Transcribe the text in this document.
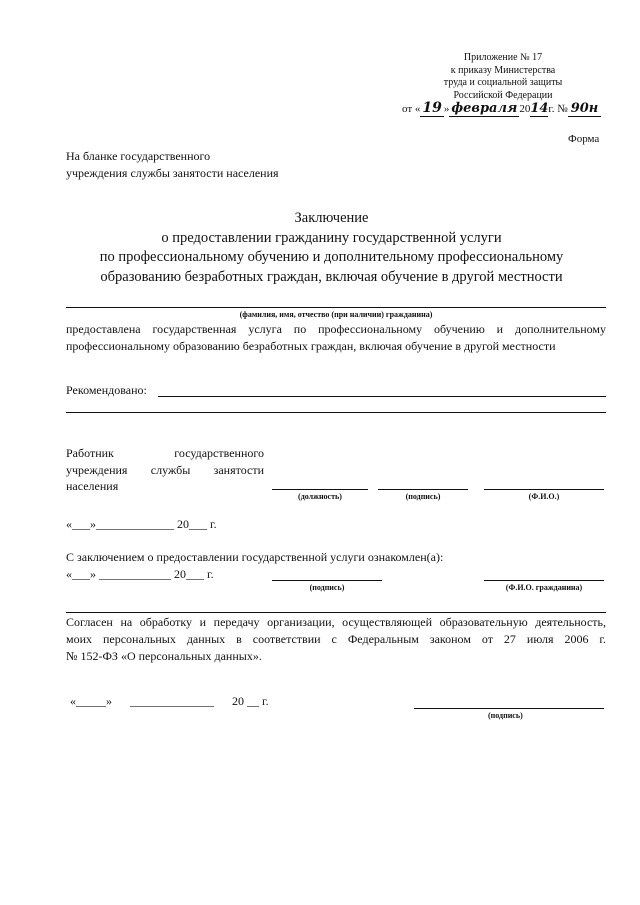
Приложение № 17
к приказу Министерства
труда и социальной защиты
Российской Федерации
от « 19 » февраля 2014г. № 90н
Форма
На бланке государственного
учреждения службы занятости населения
Заключение
о предоставлении гражданину государственной услуги
по профессиональному обучению и дополнительному профессиональному
образованию безработных граждан, включая обучение в другой местности
(фамилия, имя, отчество (при наличии) гражданина)
предоставлена государственная услуга по профессиональному обучению и дополнительному
профессиональному образованию безработных граждан, включая обучение в другой местности
Рекомендовано:
Работник государственного
учреждения службы занятости
населения
(должность)	(подпись)	(Ф.И.О.)
«___»_____________ 20___ г.
С заключением о предоставлении государственной услуги ознакомлен(а):
«___» ____________ 20___ г.
(подпись)	(Ф.И.О. гражданина)
Согласен на обработку и передачу организации, осуществляющей образовательную деятельность,
моих персональных данных в соответствии с Федеральным законом от 27 июля 2006 г.
№ 152-ФЗ «О персональных данных».
«_____»      ______________      20 __ г.
(подпись)
